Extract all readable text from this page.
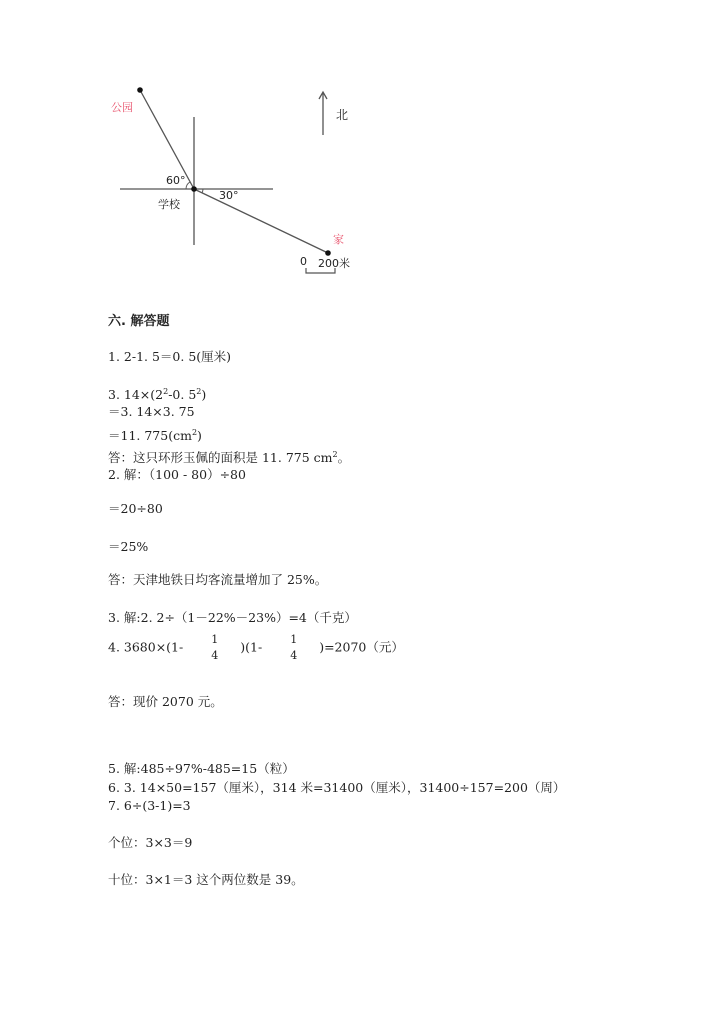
公园
北
60°
30°
学校
家
0 200米
六. 解答题
1. 2-1. 5＝0. 5(厘米)
3. $14\times(2^2-0$. $5^2$)
＝3. 14×3. 75
＝11. $775(cm^2)$
答：这只环形玉佩的面积是 11. 775 $cm^2$。
2. 解：（100 - 80）÷80
＝20÷80
＝25%
答：天津地铁日均客流量增加了 25%。
3. 解:2. 2÷（1－22%－23%）=4（千克）
4. 3680×(1-	1
4
)(1-	1
4
)=2070（元）
答：现价 2070 元。
5. 解:485÷97%-485=15（粒）
6. 3. 14×50=157（厘米），314 米=31400（厘米），31400÷157=200（周）
7. 6÷(3-1)=3
个位：3×3＝9
十位：3×1＝3 这个两位数是 39。
